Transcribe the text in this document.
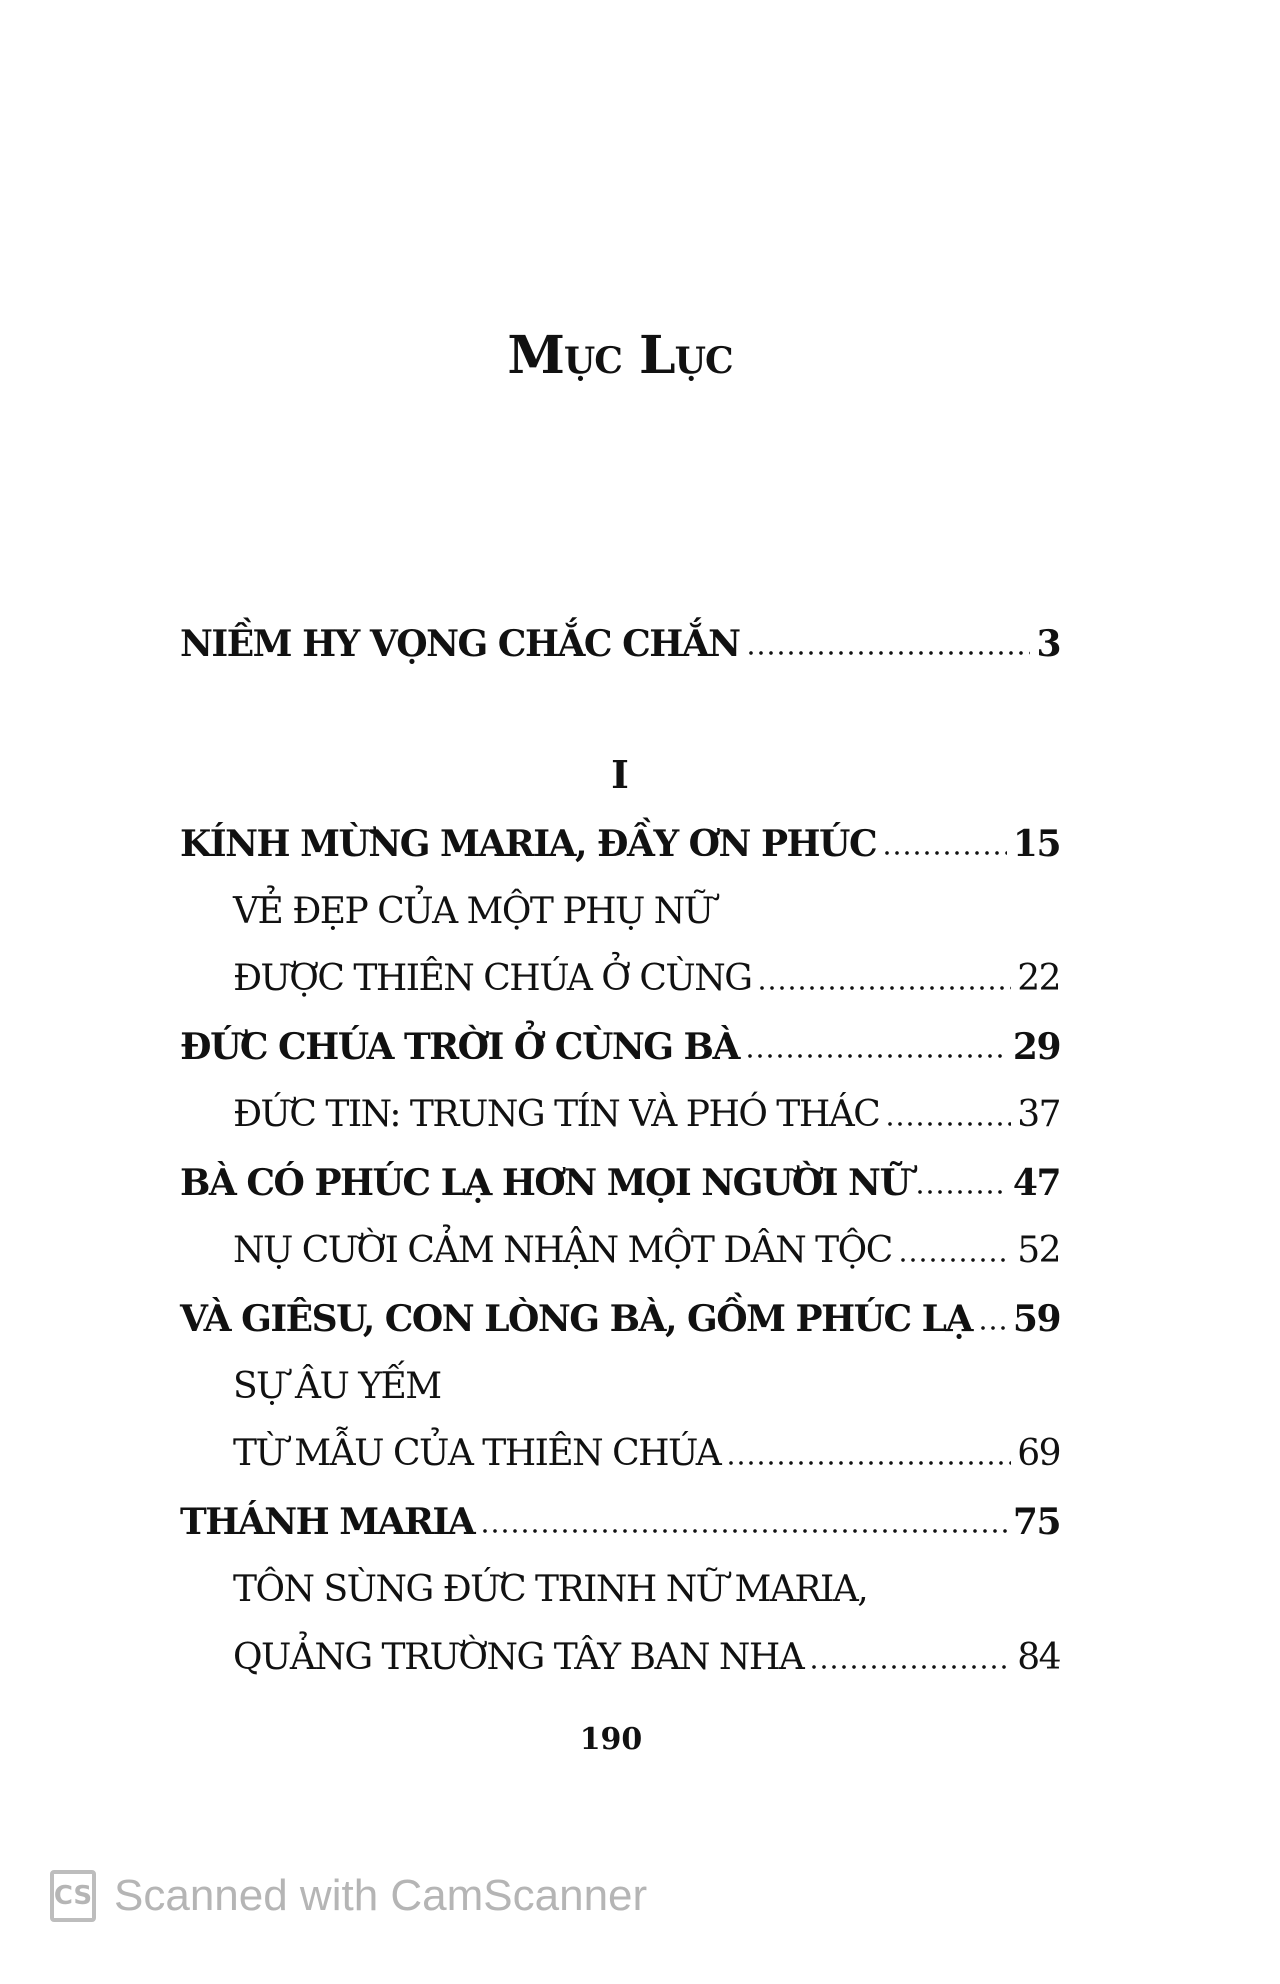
Mục Lục
NIỀM HY VỌNG CHẮC CHẮN	3
I
KÍNH MỪNG MARIA, ĐẦY ƠN PHÚC	15
VẺ ĐẸP CỦA MỘT PHỤ NỮ
ĐƯỢC THIÊN CHÚA Ở CÙNG	22
ĐỨC CHÚA TRỜI Ở CÙNG BÀ	29
ĐỨC TIN: TRUNG TÍN VÀ PHÓ THÁC	37
BÀ CÓ PHÚC LẠ HƠN MỌI NGƯỜI NỮ	47
NỤ CƯỜI CẢM NHẬN MỘT DÂN TỘC	52
VÀ GIÊSU, CON LÒNG BÀ, GỒM PHÚC LẠ 59
SỰ ÂU YẾM
TỪ MẪU CỦA THIÊN CHÚA	69
THÁNH MARIA	75
TÔN SÙNG ĐỨC TRINH NỮ MARIA,
QUẢNG TRƯỜNG TÂY BAN NHA	84
190
CS Scanned with CamScanner
